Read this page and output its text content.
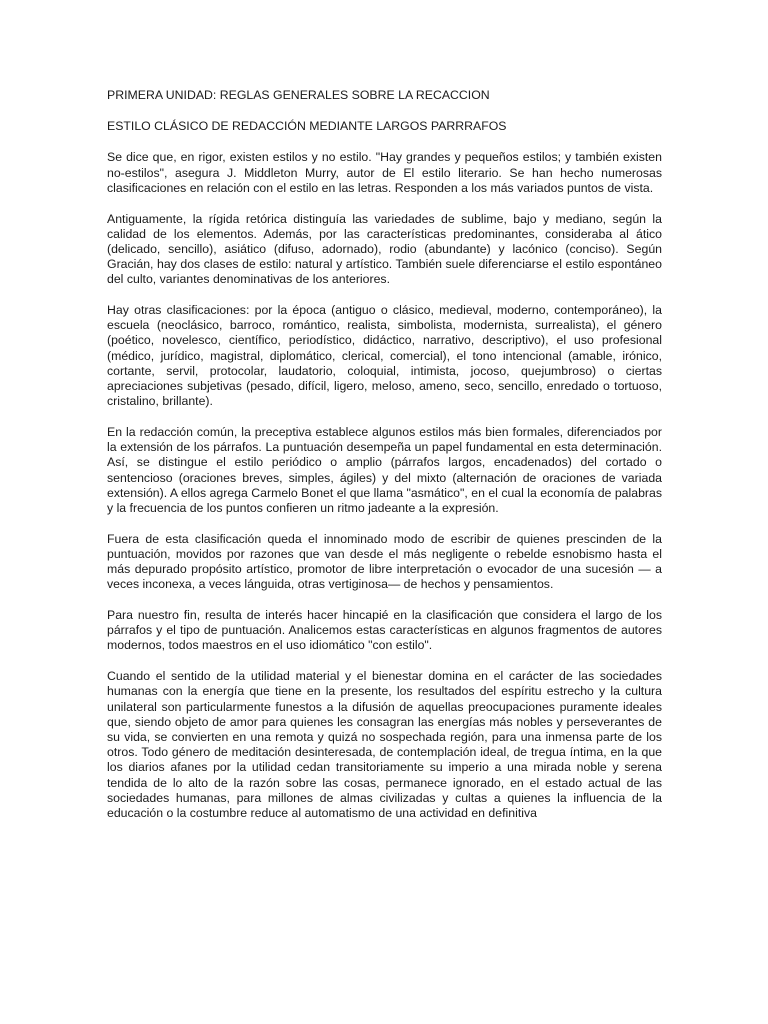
PRIMERA UNIDAD: REGLAS GENERALES SOBRE LA RECACCION
ESTILO CLÁSICO DE REDACCIÓN MEDIANTE LARGOS PARRRAFOS

Se dice que, en rigor, existen estilos y no estilo. "Hay grandes y pequeños estilos; y también existen no-estilos", asegura J. Middleton Murry, autor de El estilo literario. Se han hecho numerosas clasificaciones en relación con el estilo en las letras. Responden a los más variados puntos de vista.

Antiguamente, la rígida retórica distinguía las variedades de sublime, bajo y mediano, según la calidad de los elementos. Además, por las características predominantes, consideraba al ático (delicado, sencillo), asiático (difuso, adornado), rodio (abundante) y lacónico (conciso). Según Gracián, hay dos clases de estilo: natural y artístico. También suele diferenciarse el estilo espontáneo del culto, variantes denominativas de los anteriores.

Hay otras clasificaciones: por la época (antiguo o clásico, medieval, moderno, contemporáneo), la escuela (neoclásico, barroco, romántico, realista, simbolista, modernista, surrealista), el género (poético, novelesco, científico, periodístico, didáctico, narrativo, descriptivo), el uso profesional (médico, jurídico, magistral, diplomático, clerical, comercial), el tono intencional (amable, irónico, cortante, servil, protocolar, laudatorio, coloquial, intimista, jocoso, quejumbroso) o ciertas apreciaciones subjetivas (pesado, difícil, ligero, meloso, ameno, seco, sencillo, enredado o tortuoso, cristalino, brillante).

En la redacción común, la preceptiva establece algunos estilos más bien formales, diferenciados por la extensión de los párrafos. La puntuación desempeña un papel fundamental en esta determinación. Así, se distingue el estilo periódico o amplio (párrafos largos, encadenados) del cortado o sentencioso (oraciones breves, simples, ágiles) y del mixto (alternación de oraciones de variada extensión). A ellos agrega Carmelo Bonet el que llama "asmático", en el cual la economía de palabras y la frecuencia de los puntos confieren un ritmo jadeante a la expresión.

Fuera de esta clasificación queda el innominado modo de escribir de quienes prescinden de la puntuación, movidos por razones que van desde el más negligente o rebelde esnobismo hasta el más depurado propósito artístico, promotor de libre interpretación o evocador de una sucesión — a veces inconexa, a veces lánguida, otras vertiginosa— de hechos y pensamientos.

Para nuestro fin, resulta de interés hacer hincapié en la clasificación que considera el largo de los párrafos y el tipo de puntuación. Analicemos estas características en algunos fragmentos de autores modernos, todos maestros en el uso idiomático "con estilo".

Cuando el sentido de la utilidad material y el bienestar domina en el carácter de las sociedades humanas con la energía que tiene en la presente, los resultados del espíritu estrecho y la cultura unilateral son particularmente funestos a la difusión de aquellas preocupaciones puramente ideales que, siendo objeto de amor para quienes les consagran las energías más nobles y perseverantes de su vida, se convierten en una remota y quizá no sospechada región, para una inmensa parte de los otros. Todo género de meditación desinteresada, de contemplación ideal, de tregua íntima, en la que los diarios afanes por la utilidad cedan transitoriamente su imperio a una mirada noble y serena tendida de lo alto de la razón sobre las cosas, permanece ignorado, en el estado actual de las sociedades humanas, para millones de almas civilizadas y cultas a quienes la influencia de la educación o la costumbre reduce al automatismo de una actividad en definitiva
